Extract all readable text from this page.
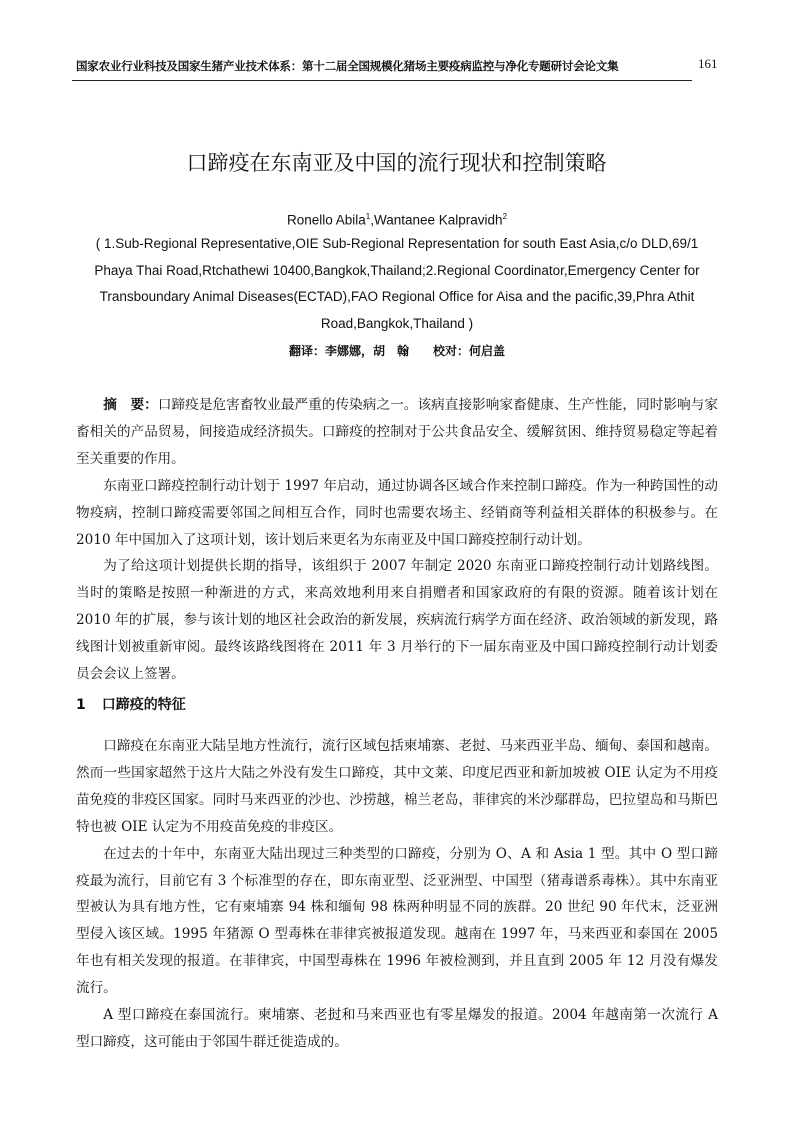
国家农业行业科技及国家生猪产业技术体系：第十二届全国规模化猪场主要疫病监控与净化专题研讨会论文集	161
口蹄疫在东南亚及中国的流行现状和控制策略
Ronello Abila$^1$,Wantanee Kalpravidh$^2$
( 1.Sub-Regional Representative,OIE Sub-Regional Representation for south East Asia,c/o DLD,69/1 Phaya Thai Road,Rtchathewi 10400,Bangkok,Thailand;2.Regional Coordinator,Emergency Center for Transboundary Animal Diseases(ECTAD),FAO Regional Office for Aisa and the pacific,39,Phra Athit Road,Bangkok,Thailand )
翻译：李娜娜，胡　翰　　校对：何启盖

摘　要：口蹄疫是危害畜牧业最严重的传染病之一。该病直接影响家畜健康、生产性能，同时影响与家畜相关的产品贸易，间接造成经济损失。口蹄疫的控制对于公共食品安全、缓解贫困、维持贸易稳定等起着至关重要的作用。

东南亚口蹄疫控制行动计划于 1997 年启动，通过协调各区域合作来控制口蹄疫。作为一种跨国性的动物疫病，控制口蹄疫需要邻国之间相互合作，同时也需要农场主、经销商等利益相关群体的积极参与。在 2010 年中国加入了这项计划，该计划后来更名为东南亚及中国口蹄疫控制行动计划。

为了给这项计划提供长期的指导，该组织于 2007 年制定 2020 东南亚口蹄疫控制行动计划路线图。当时的策略是按照一种渐进的方式，来高效地利用来自捐赠者和国家政府的有限的资源。随着该计划在 2010 年的扩展，参与该计划的地区社会政治的新发展，疾病流行病学方面在经济、政治领域的新发现，路线图计划被重新审阅。最终该路线图将在 2011 年 3 月举行的下一届东南亚及中国口蹄疫控制行动计划委员会会议上签署。

1 口蹄疫的特征

口蹄疫在东南亚大陆呈地方性流行，流行区域包括柬埔寨、老挝、马来西亚半岛、缅甸、泰国和越南。然而一些国家超然于这片大陆之外没有发生口蹄疫，其中文莱、印度尼西亚和新加坡被 OIE 认定为不用疫苗免疫的非疫区国家。同时马来西亚的沙也、沙捞越，棉兰老岛，菲律宾的米沙鄢群岛，巴拉望岛和马斯巴特也被 OIE 认定为不用疫苗免疫的非疫区。

在过去的十年中，东南亚大陆出现过三种类型的口蹄疫，分别为 O、A 和 Asia 1 型。其中 O 型口蹄疫最为流行，目前它有 3 个标准型的存在，即东南亚型、泛亚洲型、中国型（猪毒谱系毒株）。其中东南亚型被认为具有地方性，它有柬埔寨 94 株和缅甸 98 株两种明显不同的族群。20 世纪 90 年代末，泛亚洲型侵入该区域。1995 年猪源 O 型毒株在菲律宾被报道发现。越南在 1997 年，马来西亚和泰国在 2005 年也有相关发现的报道。在菲律宾，中国型毒株在 1996 年被检测到，并且直到 2005 年 12 月没有爆发流行。

A 型口蹄疫在泰国流行。柬埔寨、老挝和马来西亚也有零星爆发的报道。2004 年越南第一次流行 A 型口蹄疫，这可能由于邻国牛群迁徙造成的。
